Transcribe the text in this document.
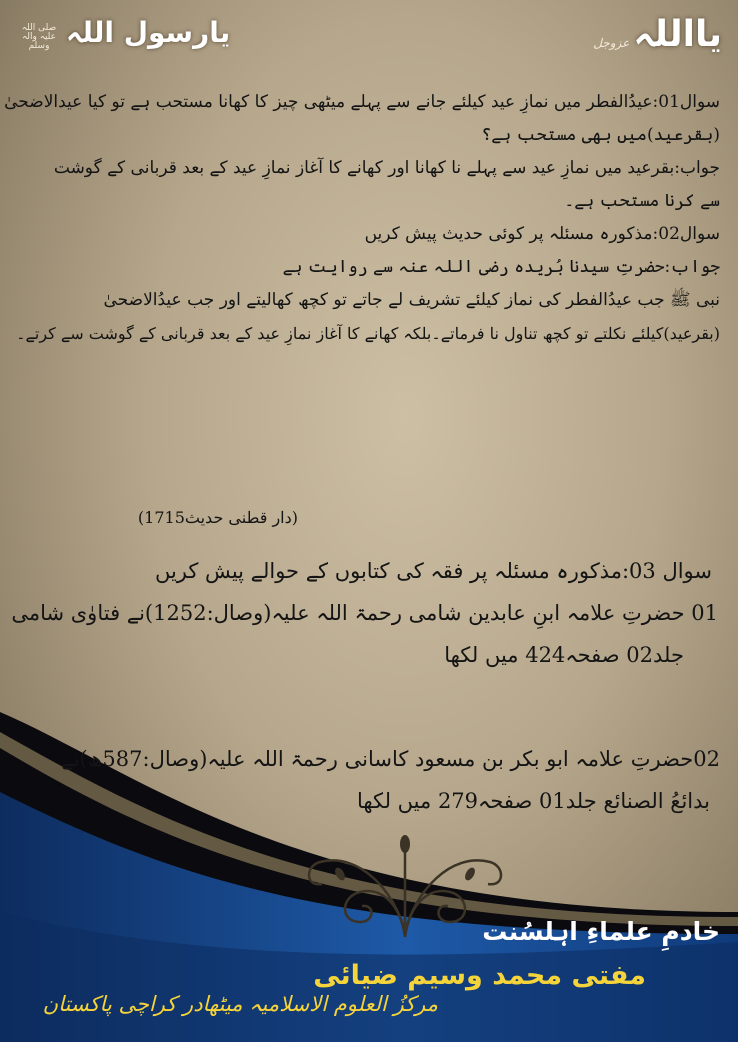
صلی اللہ علیہ والہ وسلم یارسول اللہ	یااللہ
عزوجل
سوال01:عیدُالفطر میں نمازِ عید کیلئے جانے سے پہلے میٹھی چیز کا کھانا مستحب ہے تو کیا عیدالاضحیٰ
(بقرعید)میں بھی مستحب ہے؟
جواب:بقرعید میں نمازِ عید سے پہلے نا کھانا اور کھانے کا آغاز نمازِ عید کے بعد قربانی کے گوشت
سے کرنا مستحب ہے۔
سوال02:مذکورہ مسئلہ پر کوئی حدیث پیش کریں
جواب:حضرتِ سیدنا بُریدہ رضی اللہ عنہ سے روایت ہے
نبی ﷺ جب عیدُالفطر کی نماز کیلئے تشریف لے جاتے تو کچھ کھالیتے اور جب عیدُالاضحیٰ
(بقرعید)کیلئے نکلتے تو کچھ تناول نا فرماتے۔بلکہ کھانے کا آغاز نمازِ عید کے بعد قربانی کے گوشت سے کرتے۔
(دار قطنی حدیث1715)
سوال 03:مذکورہ مسئلہ پر فقہ کی کتابوں کے حوالے پیش کریں
01 حضرتِ علامہ ابنِ عابدین شامی رحمۃ اللہ علیہ(وصال:1252)نے فتاوٰی شامی
جلد02 صفحہ424 میں لکھا
02حضرتِ علامہ ابو بکر بن مسعود کاسانی رحمۃ اللہ علیہ(وصال:587ھ)نے
بدائعُ الصنائع جلد01 صفحہ279 میں لکھا
خادمِ علماءِ اہلسُنت
مفتی محمد وسیم ضیائی
مرکزُ العلوم الاسلامیہ میٹھادر کراچی پاکستان
